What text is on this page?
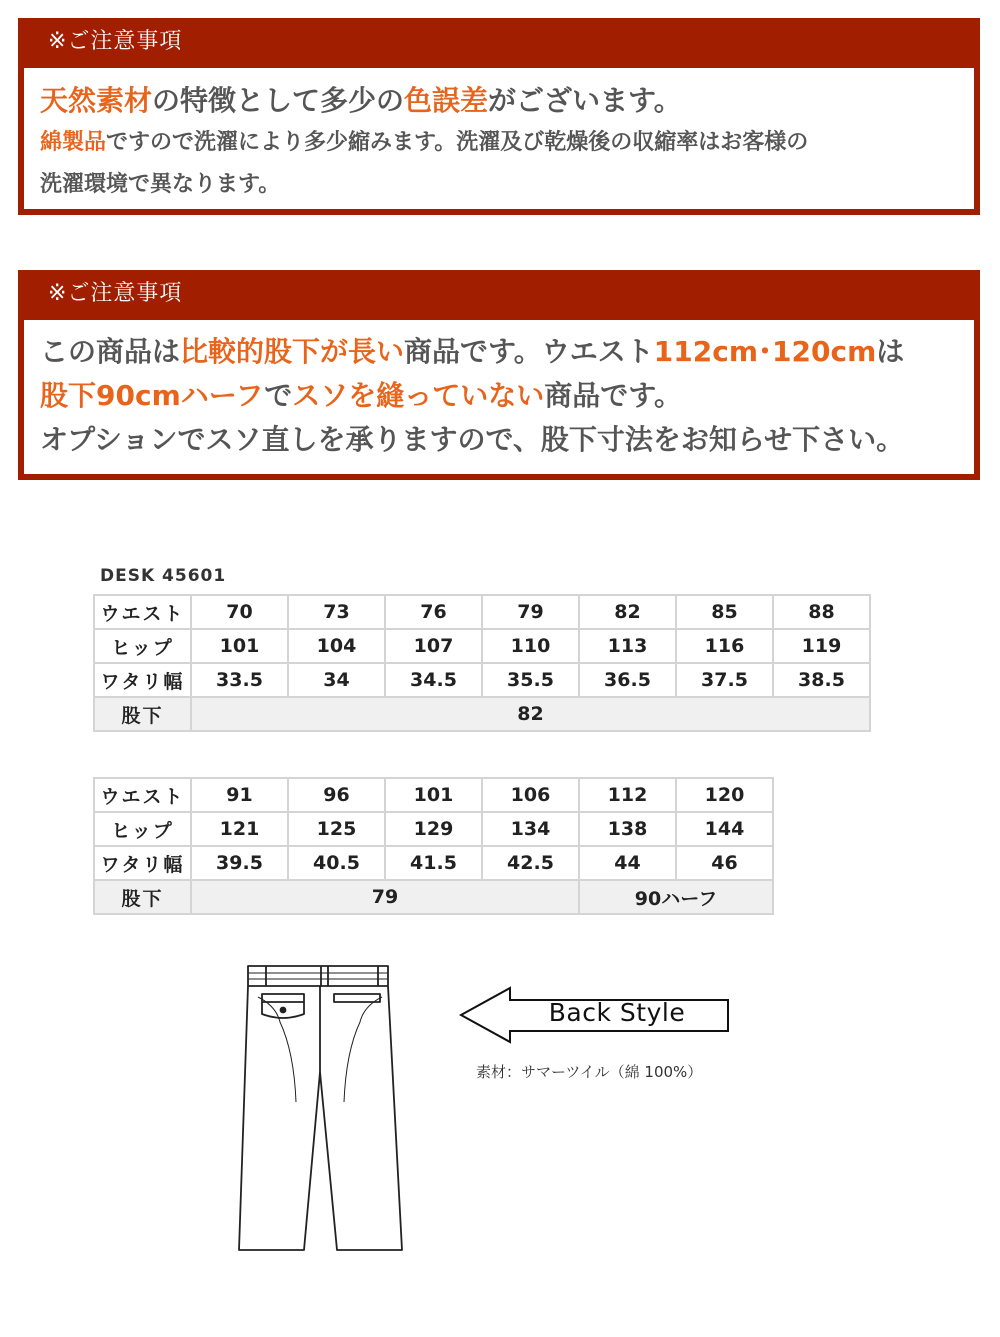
※ご注意事項
天然素材の特徴として多少の色誤差がございます。
綿製品ですので洗濯により多少縮みます。洗濯及び乾燥後の収縮率はお客様の
洗濯環境で異なります。
※ご注意事項
この商品は比較的股下が長い商品です。ウエスト112cm･120cmは
股下90cmハーフでスソを縫っていない商品です。
オプションでスソ直しを承りますので、股下寸法をお知らせ下さい。
DESK 45601
ウエスト	70	73	76	79	82	85	88
ヒップ	101	104	107	110	113	116	119
ワタリ幅	33.5	34	34.5	35.5	36.5	37.5	38.5
股下	82						
ウエスト	91	96	101	106	112	120
ヒップ	121	125	129	134	138	144
ワタリ幅	39.5	40.5	41.5	42.5	44	46
股下	79				90ハーフ	
Back Style
素材：サマーツイル（綿 100%）
